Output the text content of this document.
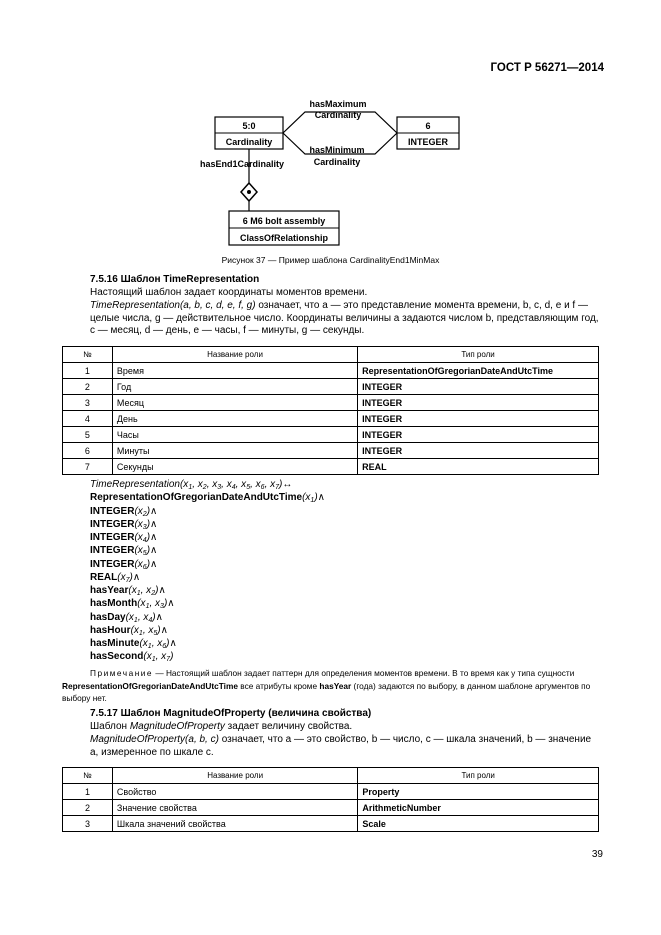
ГОСТ Р 56271—2014
5:0
Cardinality
6
INTEGER
hasMaximum
Cardinality
hasMinimum
Cardinality
hasEnd1Cardinality
6 M6 bolt assembly
ClassOfRelationship
Рисунок 37 — Пример шаблона CardinalityEnd1MinMax
7.5.16 Шаблон TimeRepresentation
Настоящий шаблон задает координаты моментов времени.
TimeRepresentation(a, b, c, d, e, f, g) означает, что a — это представление момента времени, b, c, d, e и f — целые числа, g — действительное число. Координаты величины a задаются числом b, представляющим год, c — месяц, d — день, e — часы, f — минуты, g — секунды.
№	Название роли	Тип роли
1	Время	RepresentationOfGregorianDateAndUtcTime
2	Год	INTEGER
3	Месяц	INTEGER
4	День	INTEGER
5	Часы	INTEGER
6	Минуты	INTEGER
7	Секунды	REAL
$TimeRepresentation(x_1$, $x_2$, $x_3$, $x_4$, $x_5$, $x_6$, $x_7)\leftrightarrow$
$RepresentationOfGregorianDateAndUtcTime(x_1)\wedge$
$INTEGER(x_2)\wedge$
$INTEGER(x_3)\wedge$
$INTEGER(x_4)\wedge$
$INTEGER(x_5)\wedge$
$INTEGER(x_6)\wedge$
$REAL(x_7)\wedge$
$hasYear(x_1$, $x_2)\wedge$
$hasMonth(x_1$, $x_3)\wedge$
$hasDay(x_1$, $x_4)\wedge$
$hasHour(x_1$, $x_5)\wedge$
$hasMinute(x_1$, $x_6)\wedge$
$hasSecond(x_1$, $x_7$)
Примечание — Настоящий шаблон задает паттерн для определения моментов времени. В то время как у типа сущности RepresentationOfGregorianDateAndUtcTime все атрибуты кроме hasYear (года) задаются по выбору, в данном шаблоне аргументов по выбору нет.
7.5.17 Шаблон MagnitudeOfProperty (величина свойства)
Шаблон MagnitudeOfProperty задает величину свойства.
MagnitudeOfProperty(a, b, c) означает, что a — это свойство, b — число, c — шкала значений, b — значение a, измеренное по шкале c.
№	Название роли	Тип роли
1	Свойство	Property
2	Значение свойства	ArithmeticNumber
3	Шкала значений свойства	Scale
39
